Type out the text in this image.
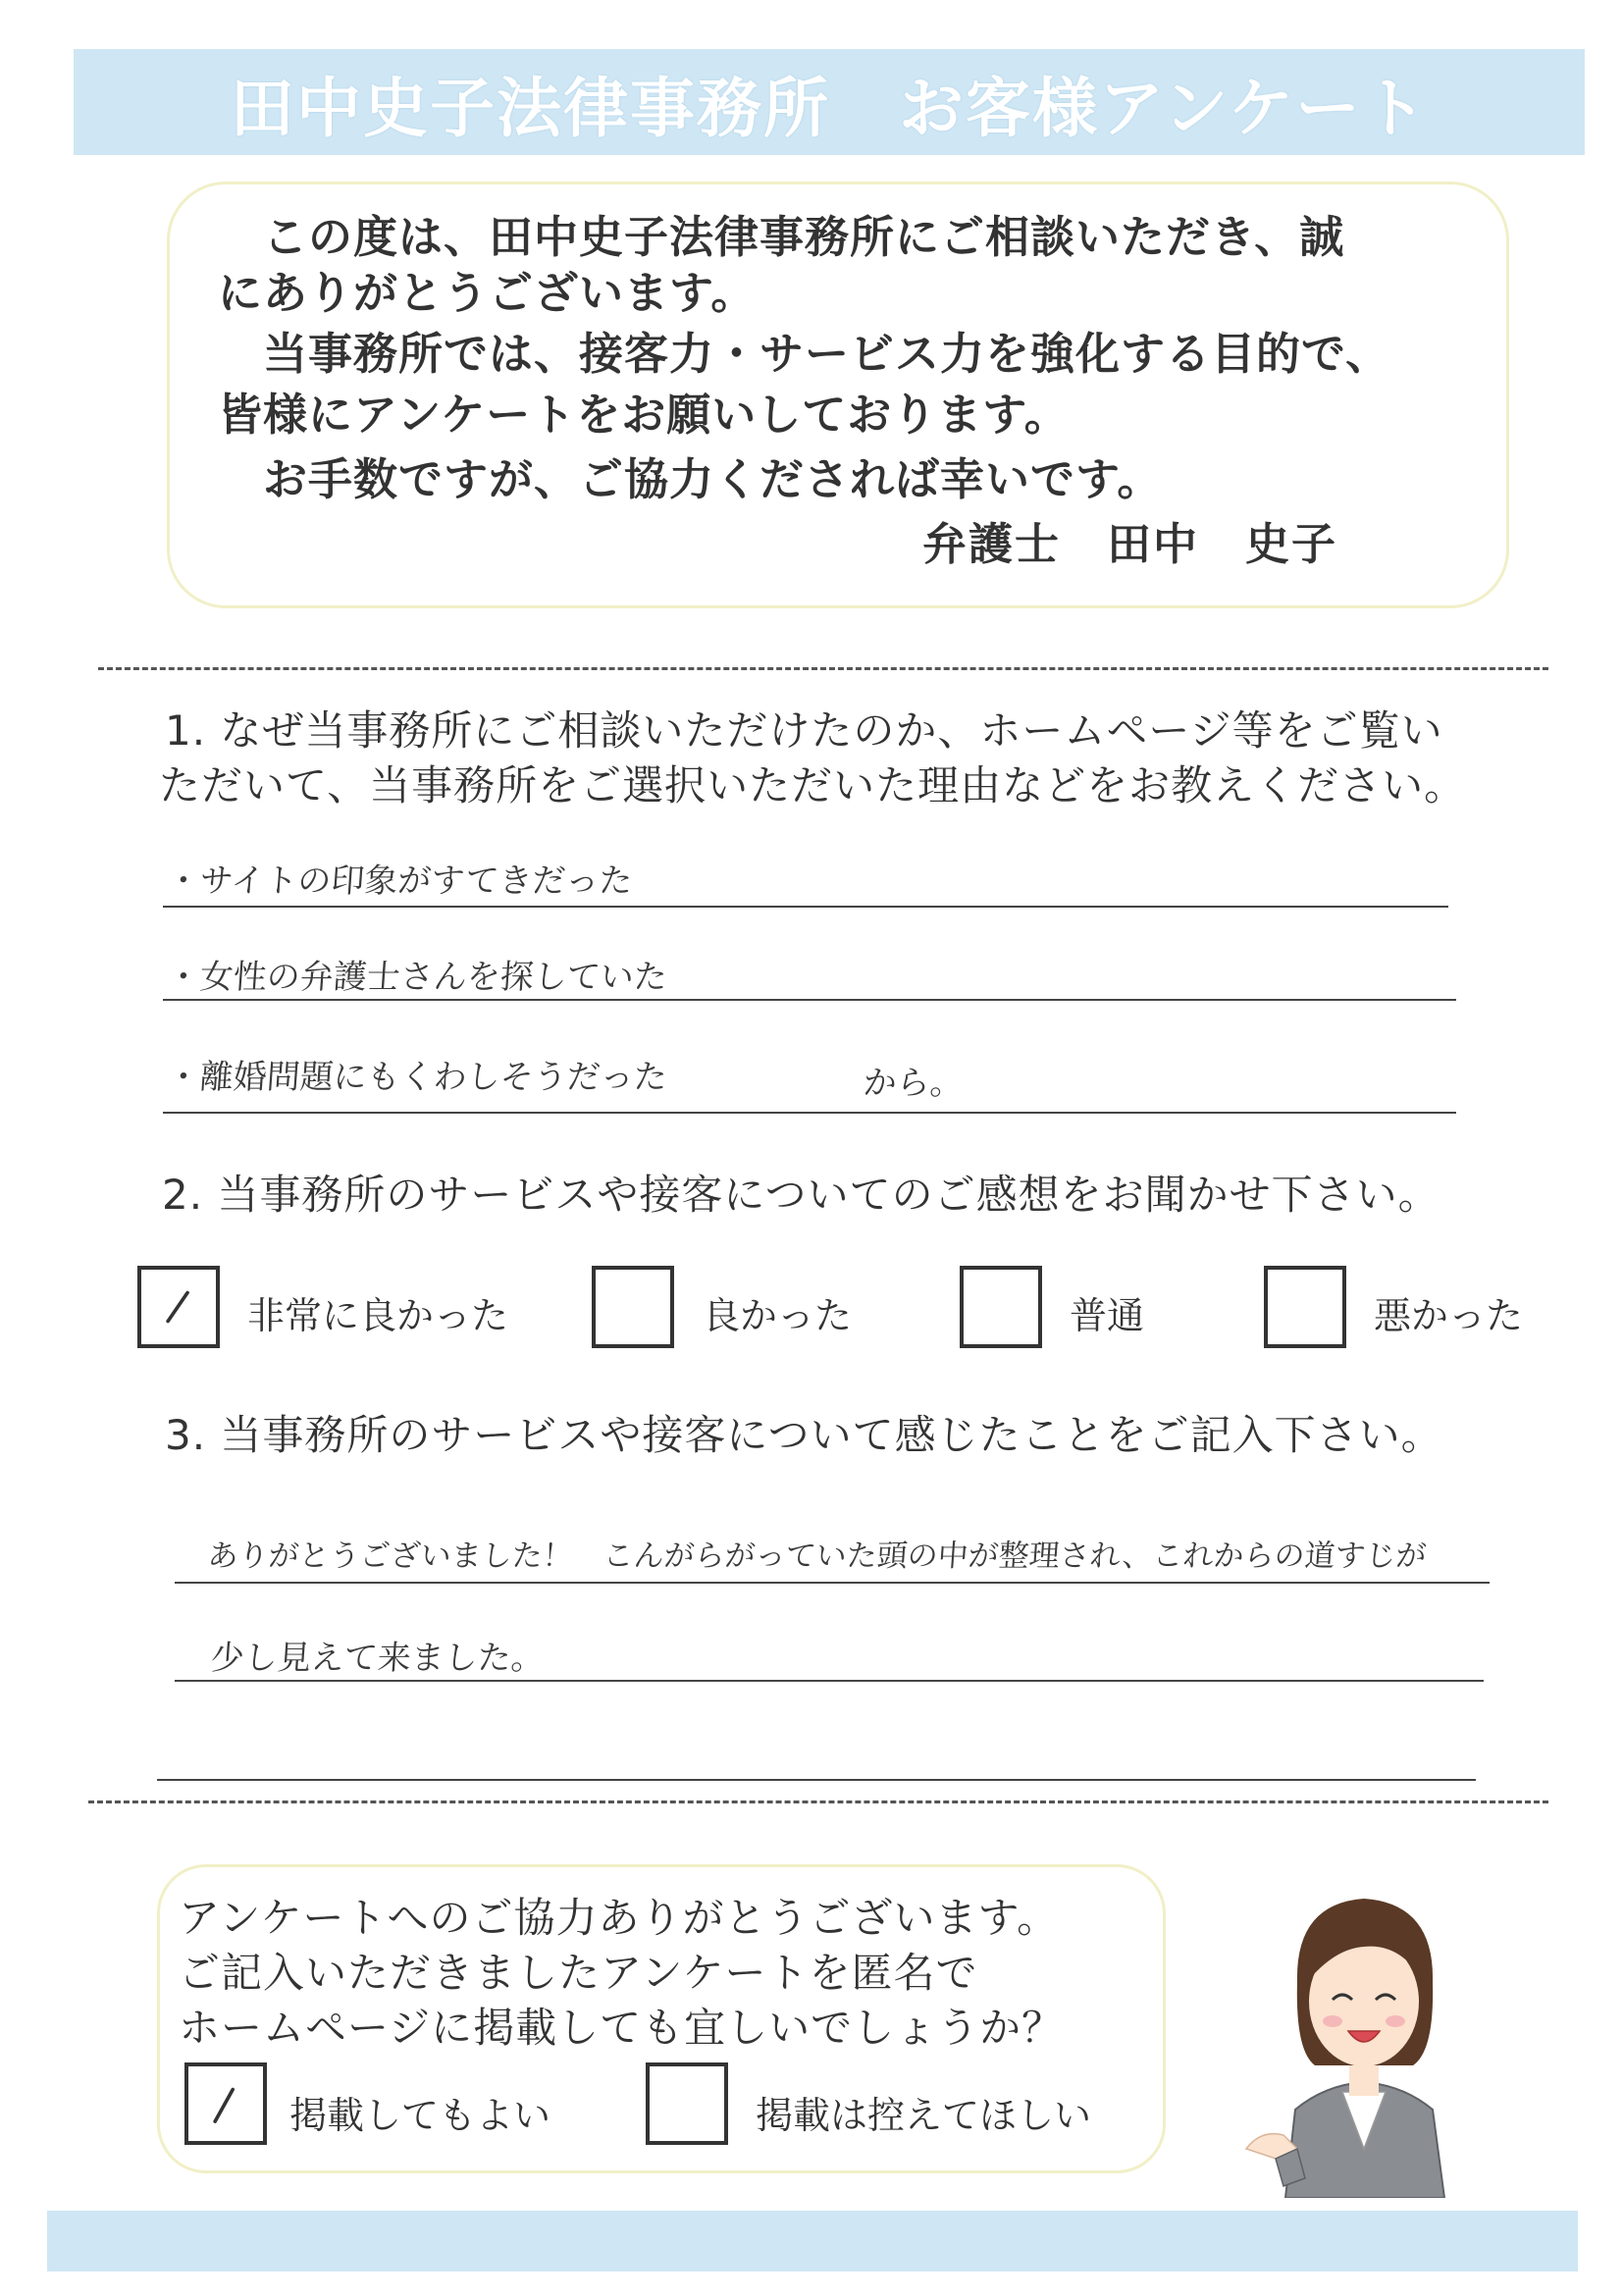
田中史子法律事務所 お客様アンケート
この度は、田中史子法律事務所にご相談いただき、誠
にありがとうございます。
当事務所では、接客力・サービス力を強化する目的で、
皆様にアンケートをお願いしております。
お手数ですが、ご協力くだされば幸いです。
弁護士　田中　史子
1. なぜ当事務所にご相談いただけたのか、ホームページ等をご覧い
ただいて、当事務所をご選択いただいた理由などをお教えください。
・サイトの印象がすてきだった
・女性の弁護士さんを探していた
・離婚問題にもくわしそうだった	から。
2. 当事務所のサービスや接客についてのご感想をお聞かせ下さい。
非常に良かった	良かった	普通	悪かった
3. 当事務所のサービスや接客について感じたことをご記入下さい。
ありがとうございました！　こんがらがっていた頭の中が整理され、これからの道すじが
少し見えて来ました。
アンケートへのご協力ありがとうございます。
ご記入いただきましたアンケートを匿名で
ホームページに掲載しても宜しいでしょうか？
掲載してもよい	掲載は控えてほしい
